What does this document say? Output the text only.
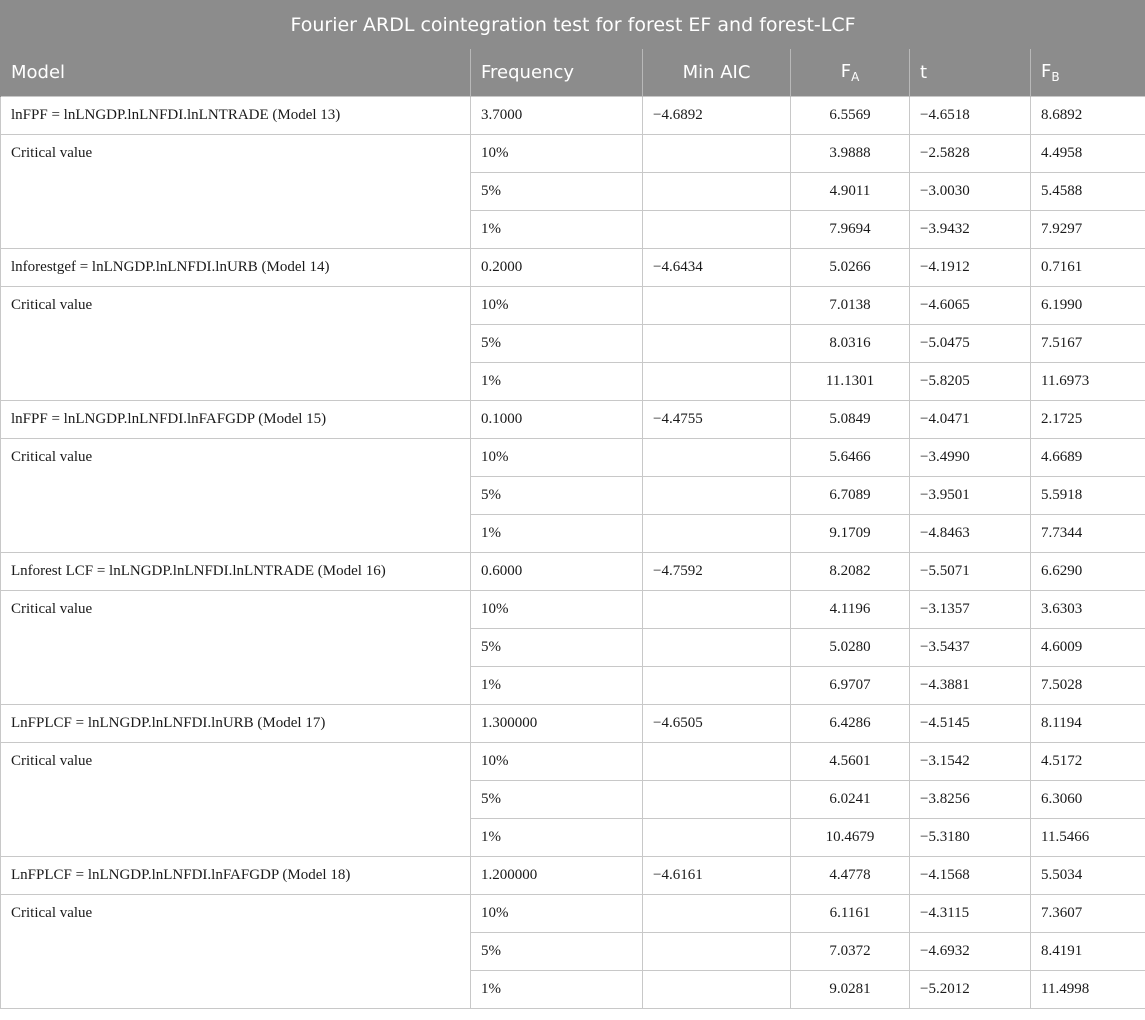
Fourier ARDL cointegration test for forest EF and forest-LCF					
Model	Frequency	Min AIC	$F_A$	t	$F_B$
lnFPF = lnLNGDP.lnLNFDI.lnLNTRADE (Model 13)	3.7000	−4.6892	6.5569	−4.6518	8.6892
Critical value	10%		3.9888	−2.5828	4.4958
	5%		4.9011	−3.0030	5.4588
	1%		7.9694	−3.9432	7.9297
lnforestgef = lnLNGDP.lnLNFDI.lnURB (Model 14)	0.2000	−4.6434	5.0266	−4.1912	0.7161
Critical value	10%		7.0138	−4.6065	6.1990
	5%		8.0316	−5.0475	7.5167
	1%		11.1301	−5.8205	11.6973
lnFPF = lnLNGDP.lnLNFDI.lnFAFGDP (Model 15)	0.1000	−4.4755	5.0849	−4.0471	2.1725
Critical value	10%		5.6466	−3.4990	4.6689
	5%		6.7089	−3.9501	5.5918
	1%		9.1709	−4.8463	7.7344
Lnforest LCF = lnLNGDP.lnLNFDI.lnLNTRADE (Model 16)	0.6000	−4.7592	8.2082	−5.5071	6.6290
Critical value	10%		4.1196	−3.1357	3.6303
	5%		5.0280	−3.5437	4.6009
	1%		6.9707	−4.3881	7.5028
LnFPLCF = lnLNGDP.lnLNFDI.lnURB (Model 17)	1.300000	−4.6505	6.4286	−4.5145	8.1194
Critical value	10%		4.5601	−3.1542	4.5172
	5%		6.0241	−3.8256	6.3060
	1%		10.4679	−5.3180	11.5466
LnFPLCF = lnLNGDP.lnLNFDI.lnFAFGDP (Model 18)	1.200000	−4.6161	4.4778	−4.1568	5.5034
Critical value	10%		6.1161	−4.3115	7.3607
	5%		7.0372	−4.6932	8.4191
	1%		9.0281	−5.2012	11.4998
